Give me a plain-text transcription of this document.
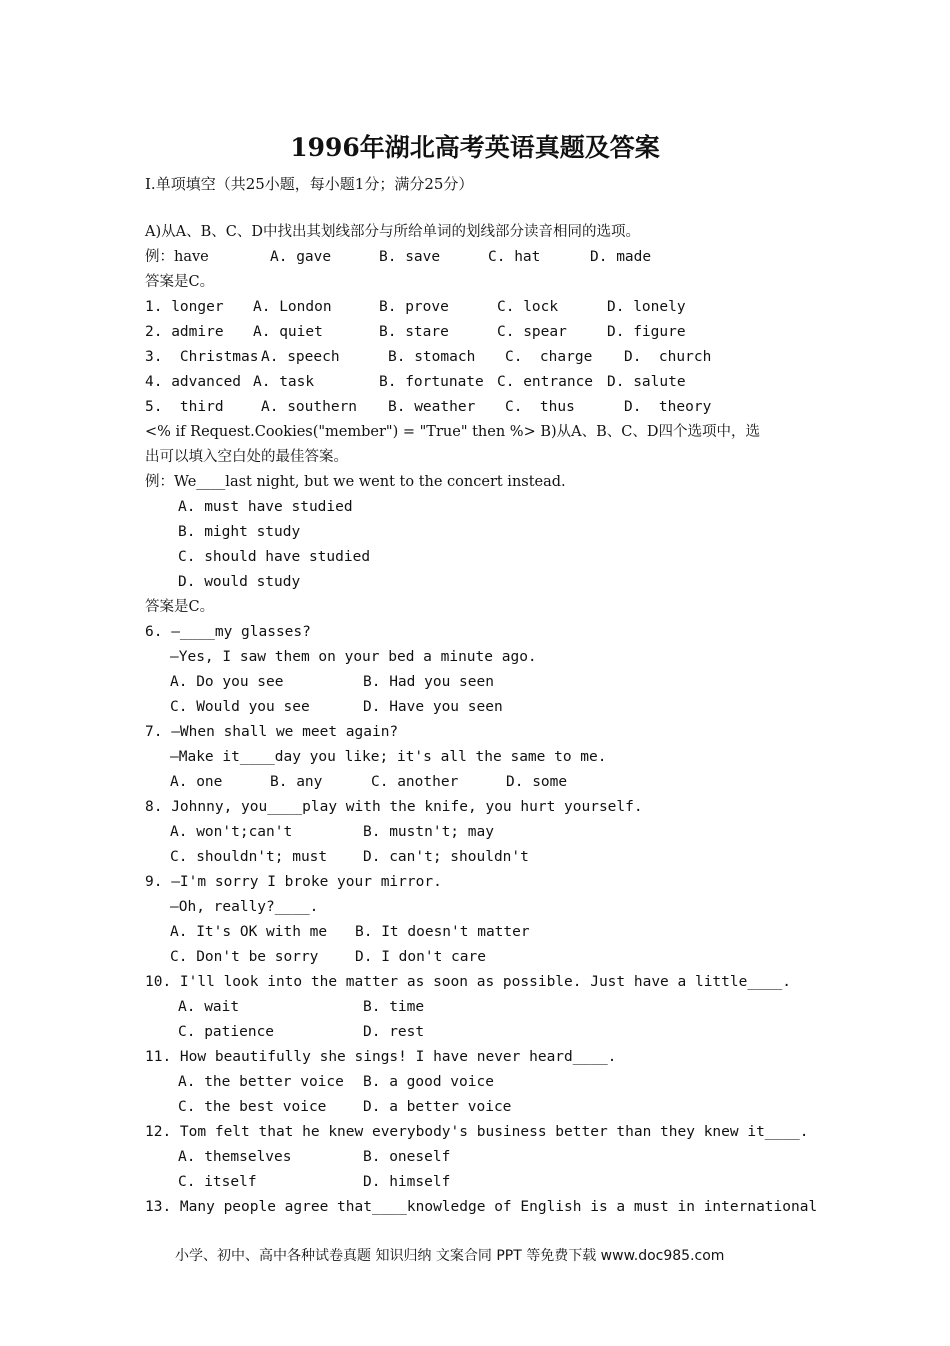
1996年湖北高考英语真题及答案
Ⅰ.单项填空（共25小题，每小题1分；满分25分）
A)从A、B、C、D中找出其划线部分与所给单词的划线部分读音相同的选项。
例：have	A. gave	B. save	C. hat	D. made
答案是C。
1. longer A. London	B. prove	C. lock	D. lonely
2. admire A. quiet	B. stare	C. spear	D. figure
3.  Christmas A. speech	B. stomach C.  charge D.  church
4. advanced A. task	B. fortunate C. entrance D. salute
5.  third	A. southern B. weather C.  thus	D.  theory
<% if Request.Cookies("member") = "True" then %> B)从A、B、C、D四个选项中，选
出可以填入空白处的最佳答案。
例：We____last night, but we went to the concert instead.
A. must have studied
B. might study
C. should have studied
D. would study
答案是C。
6. —____my glasses?
—Yes, I saw them on your bed a minute ago.
A. Do you see	B. Had you seen
C. Would you see	D. Have you seen
7. —When shall we meet again?
—Make it____day you like; it's all the same to me.
A. one	B. any	C. another	D. some
8. Johnny, you____play with the knife, you hurt yourself.
A. won't;can't	B. mustn't; may
C. shouldn't; must D. can't; shouldn't
9. —I'm sorry I broke your mirror.
—Oh, really?____.
A. It's OK with me B. It doesn't matter
C. Don't be sorry	D. I don't care
10. I'll look into the matter as soon as possible. Just have a little____.
A. wait	B. time
C. patience	D. rest
11. How beautifully she sings! I have never heard____.
A. the better voice B. a good voice
C. the best voice	D. a better voice
12. Tom felt that he knew everybody's business better than they knew it____.
A. themselves	B. oneself
C. itself	D. himself
13. Many people agree that____knowledge of English is a must in international
小学、初中、高中各种试卷真题 知识归纳 文案合同 PPT 等免费下载 www.doc985.com
